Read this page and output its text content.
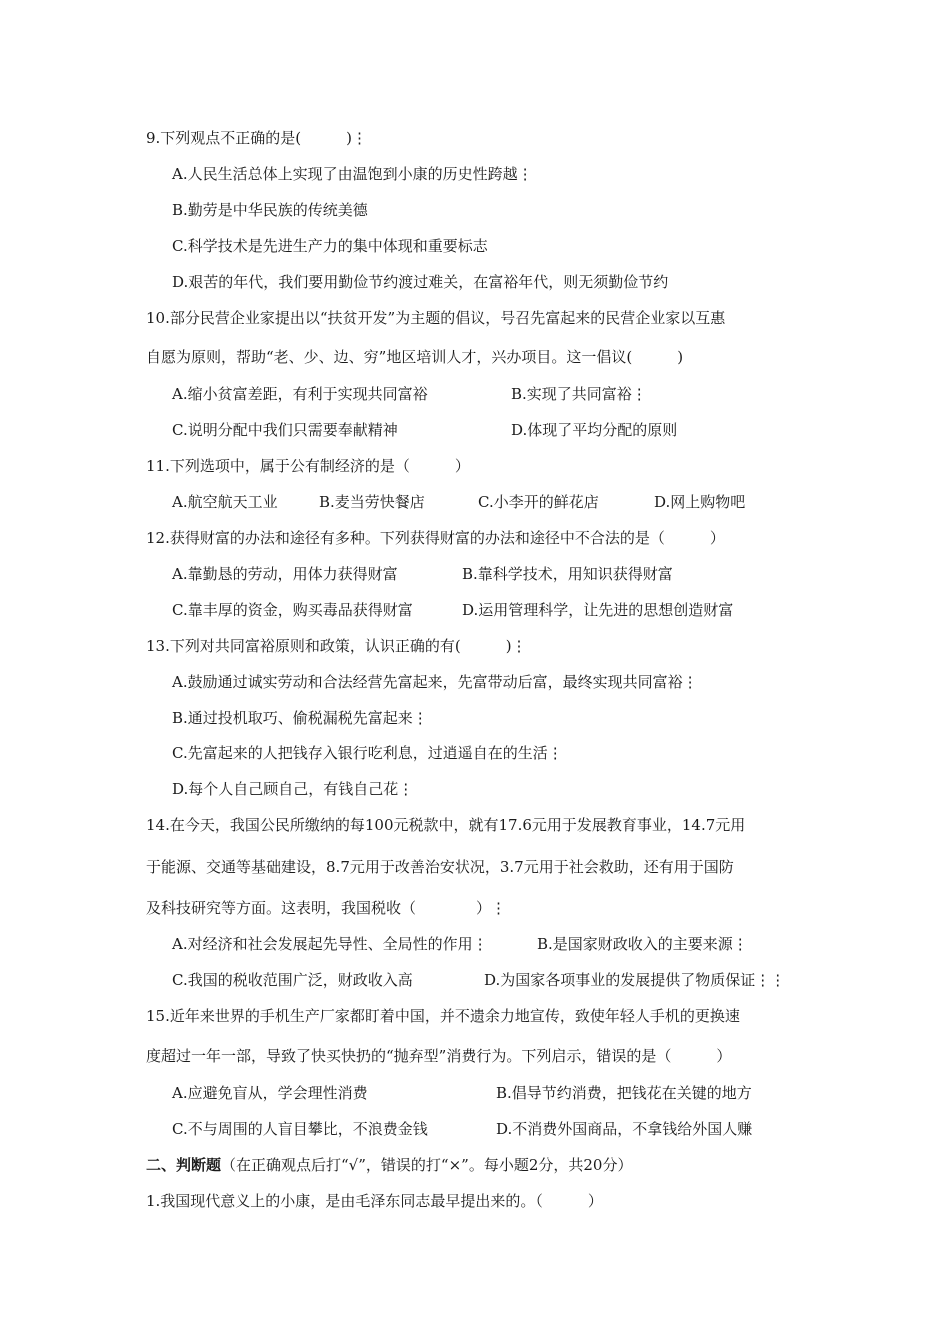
9.下列观点不正确的是(　　　)⋮
A.人民生活总体上实现了由温饱到小康的历史性跨越⋮
B.勤劳是中华民族的传统美德
C.科学技术是先进生产力的集中体现和重要标志
D.艰苦的年代，我们要用勤俭节约渡过难关，在富裕年代，则无须勤俭节约
10.部分民营企业家提出以“扶贫开发”为主题的倡议，号召先富起来的民营企业家以互惠
自愿为原则，帮助“老、少、边、穷”地区培训人才，兴办项目。这一倡议(　　　)
A.缩小贫富差距，有利于实现共同富裕	B.实现了共同富裕⋮
C.说明分配中我们只需要奉献精神	D.体现了平均分配的原则
11.下列选项中，属于公有制经济的是（　　　）
A.航空航天工业	B.麦当劳快餐店	C.小李开的鲜花店	D.网上购物吧
12.获得财富的办法和途径有多种。下列获得财富的办法和途径中不合法的是（　　　）
A.靠勤恳的劳动，用体力获得财富	B.靠科学技术，用知识获得财富
C.靠丰厚的资金，购买毒品获得财富	D.运用管理科学，让先进的思想创造财富
13.下列对共同富裕原则和政策，认识正确的有(　　　)⋮
A.鼓励通过诚实劳动和合法经营先富起来，先富带动后富，最终实现共同富裕⋮
B.通过投机取巧、偷税漏税先富起来⋮
C.先富起来的人把钱存入银行吃利息，过逍遥自在的生活⋮
D.每个人自己顾自己，有钱自己花⋮
14.在今天，我国公民所缴纳的每100元税款中，就有17.6元用于发展教育事业，14.7元用
于能源、交通等基础建设，8.7元用于改善治安状况，3.7元用于社会救助，还有用于国防
及科技研究等方面。这表明，我国税收（　　　　）⋮
A.对经济和社会发展起先导性、全局性的作用⋮	B.是国家财政收入的主要来源⋮
C.我国的税收范围广泛，财政收入高	D.为国家各项事业的发展提供了物质保证⋮⋮
15.近年来世界的手机生产厂家都盯着中国，并不遗余力地宣传，致使年轻人手机的更换速
度超过一年一部，导致了快买快扔的“抛弃型”消费行为。下列启示，错误的是（　　　）
A.应避免盲从，学会理性消费	B.倡导节约消费，把钱花在关键的地方
C.不与周围的人盲目攀比，不浪费金钱	D.不消费外国商品，不拿钱给外国人赚
二、判断题（在正确观点后打“√”，错误的打“×”。每小题2分，共20分）
1.我国现代意义上的小康，是由毛泽东同志最早提出来的。（　　　）
